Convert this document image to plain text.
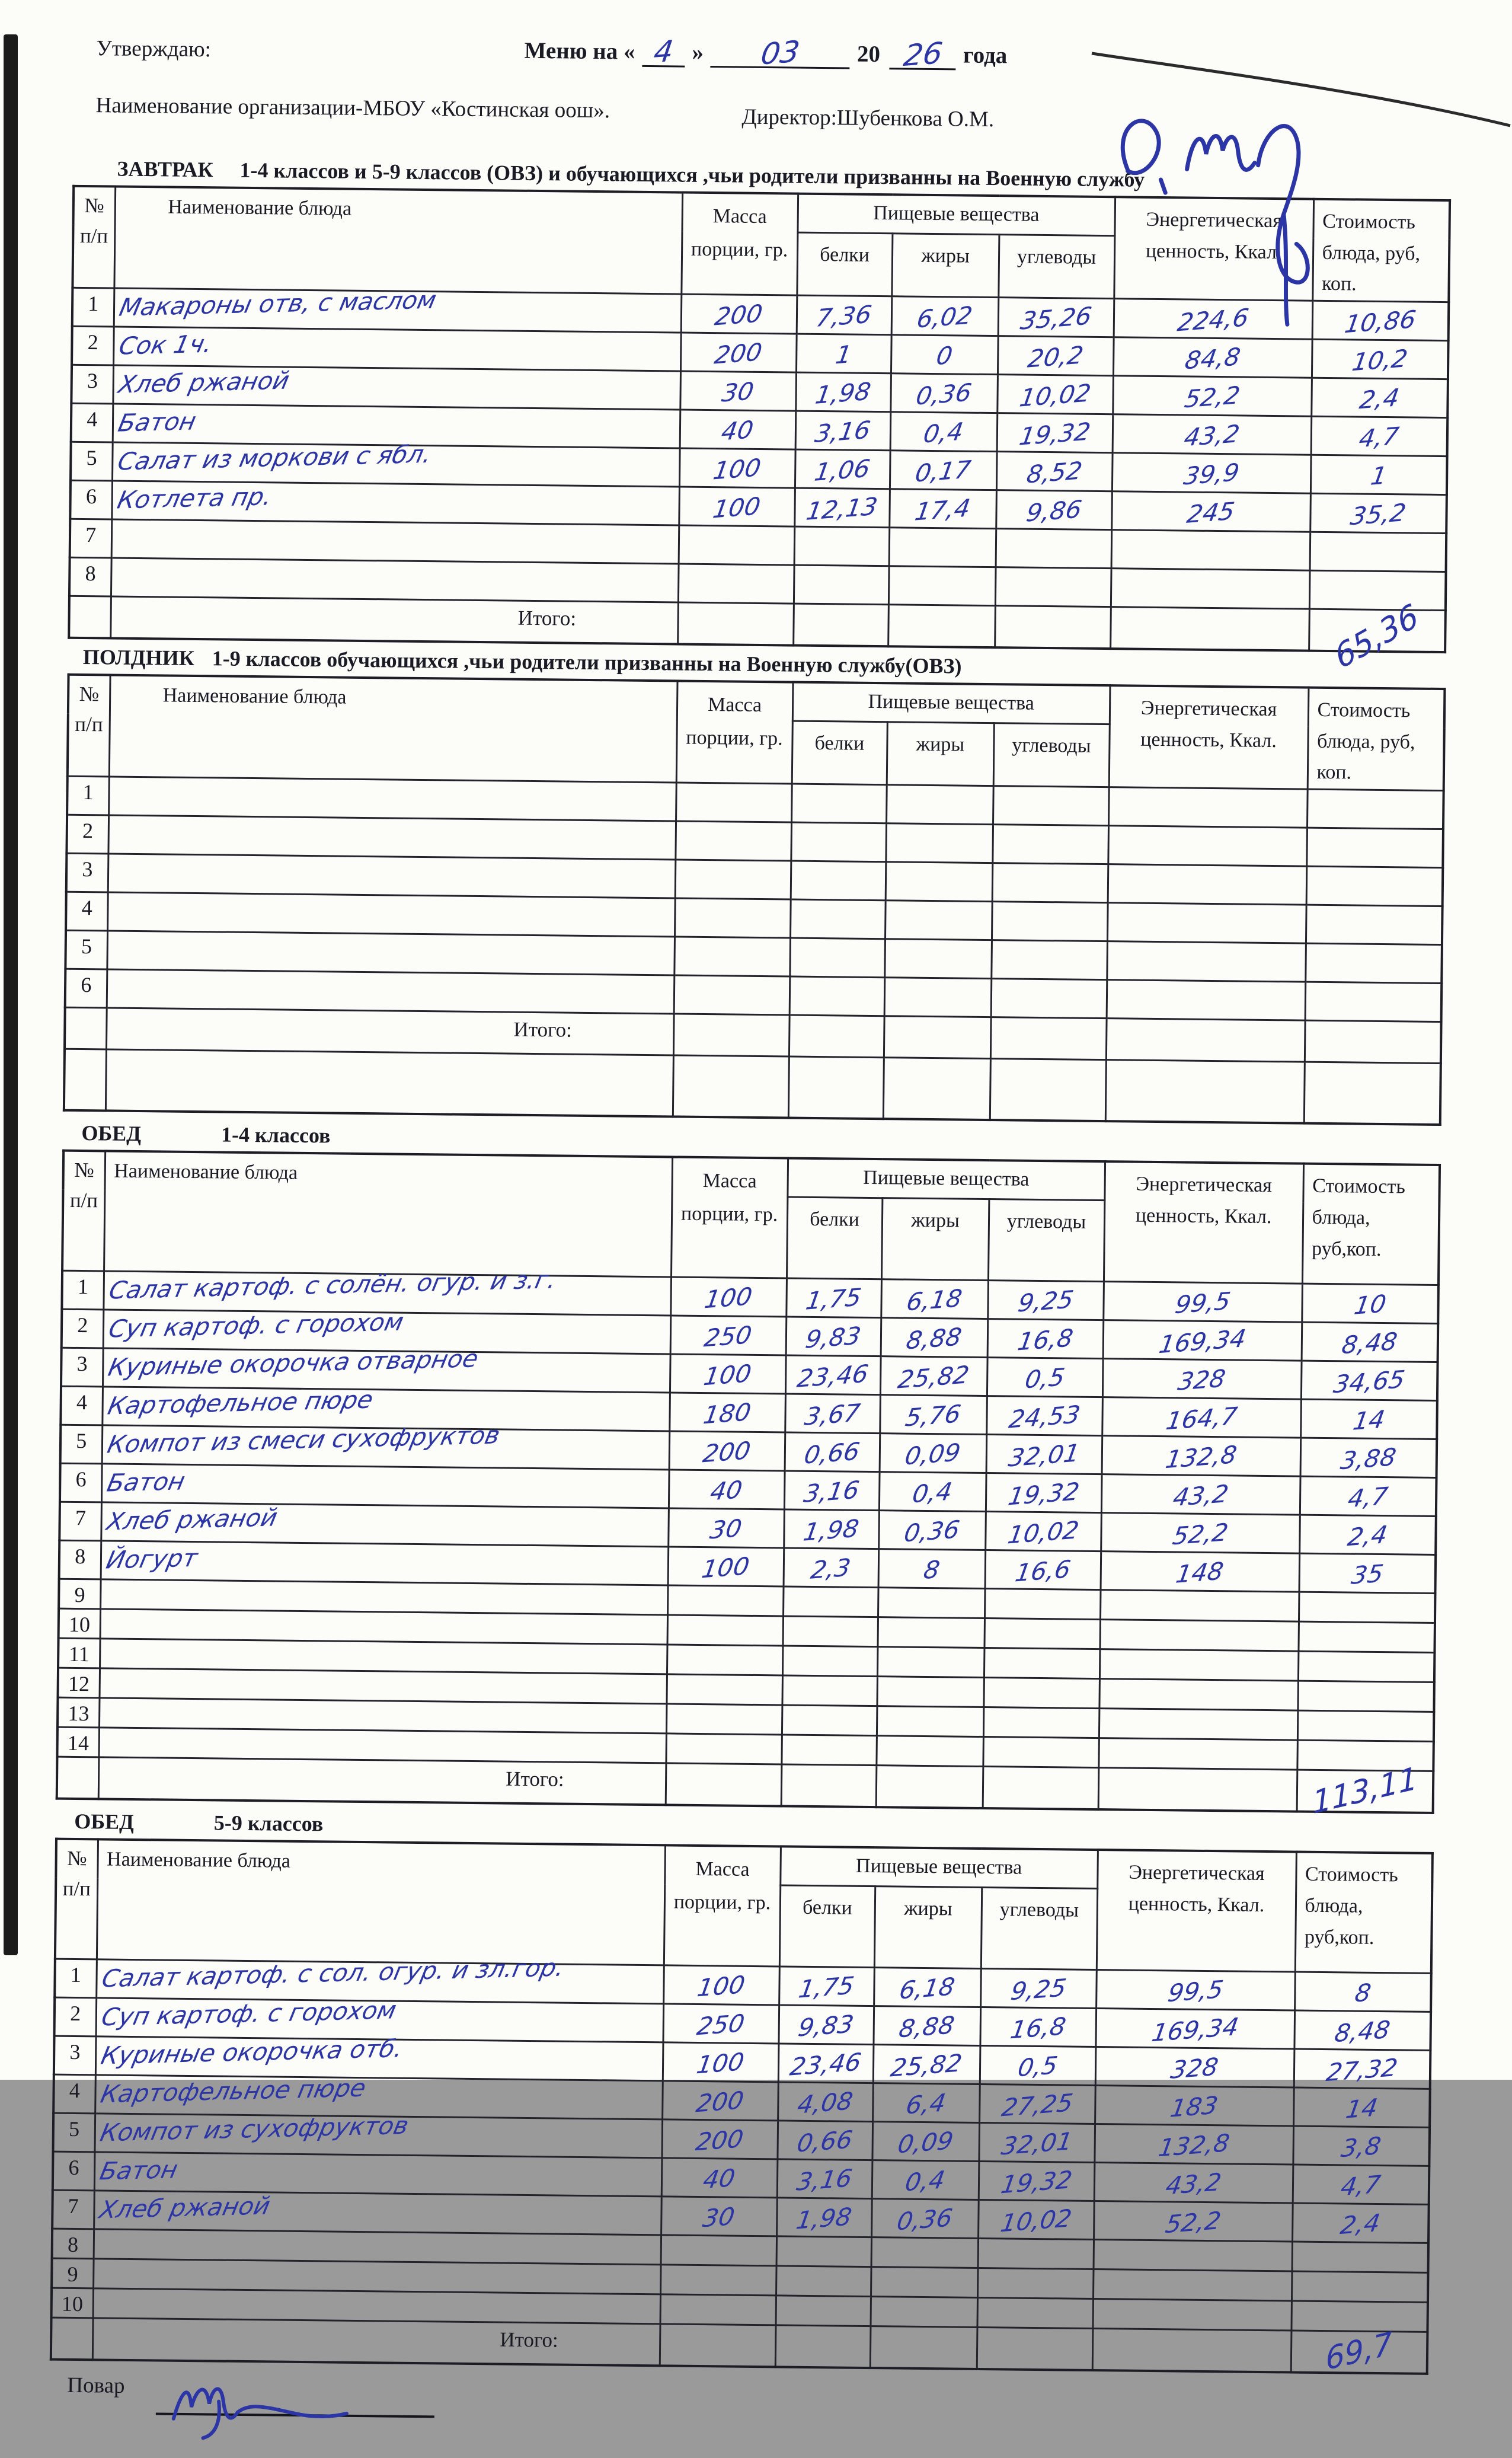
Утверждаю:	Меню на « 4 »	03	20 26 года
Наименование организации-МБОУ «Костинская оош».	Директор:Шубенкова О.М.
ЗАВТРАК 1-4 классов и 5-9 классов (ОВЗ) и обучающихся ,чьи родители призванны на Военную службу
№ п/п	Наименование блюда	Масса порции, гр.	Пищевые вещества			Энергетическая ценность, Ккал.	Стоимость блюда, руб, коп.
			белки	жиры	углеводы		
1	Макароны отв, с маслом	200	7,36	6,02	35,26	224,6	10,86
2	Сок 1ч.	200	1	0	20,2	84,8	10,2
3	Хлеб ржаной	30	1,98	0,36	10,02	52,2	2,4
4	Батон	40	3,16	0,4	19,32	43,2	4,7
5	Салат из моркови с ябл.	100	1,06	0,17	8,52	39,9	1
6	Котлета пр.	100	12,13	17,4	9,86	245	35,2
7							
8							
	Итого:						65,36
ПОЛДНИК 1-9 классов обучающихся ,чьи родители призванны на Военную службу(ОВЗ)
№ п/п	Наименование блюда	Масса порции, гр.	Пищевые вещества			Энергетическая ценность, Ккал.	Стоимость блюда, руб, коп.
			белки	жиры	углеводы		
1							
2							
3							
4							
5							
6							
	Итого:						

ОБЕД	1-4 классов
№ п/п	Наименование блюда	Масса порции, гр.	Пищевые вещества			Энергетическая ценность, Ккал.	Стоимость блюда, руб,коп.
			белки	жиры	углеводы		
1	Салат картоф. с солён. огур. и з.г.	100	1,75	6,18	9,25	99,5	10
2	Суп картоф. с горохом	250	9,83	8,88	16,8	169,34	8,48
3	Куриные окорочка отварное	100	23,46	25,82	0,5	328	34,65
4	Картофельное пюре	180	3,67	5,76	24,53	164,7	14
5	Компот из смеси сухофруктов	200	0,66	0,09	32,01	132,8	3,88
6	Батон	40	3,16	0,4	19,32	43,2	4,7
7	Хлеб ржаной	30	1,98	0,36	10,02	52,2	2,4
8	Йогурт	100	2,3	8	16,6	148	35
9							
10							
11							
12							
13							
14							
	Итого:						113,11
ОБЕД	5-9 классов
№ п/п	Наименование блюда	Масса порции, гр.	Пищевые вещества			Энергетическая ценность, Ккал.	Стоимость блюда, руб,коп.
			белки	жиры	углеводы		
1	Салат картоф. с сол. огур. и зл.гор.	100	1,75	6,18	9,25	99,5	8
2	Суп картоф. с горохом	250	9,83	8,88	16,8	169,34	8,48
3	Куриные окорочка отб.	100	23,46	25,82	0,5	328	27,32
4	Картофельное пюре	200	4,08	6,4	27,25	183	14
5	Компот из сухофруктов	200	0,66	0,09	32,01	132,8	3,8
6	Батон	40	3,16	0,4	19,32	43,2	4,7
7	Хлеб ржаной	30	1,98	0,36	10,02	52,2	2,4
8							
9							
10							
	Итого:						69,7
Повар
